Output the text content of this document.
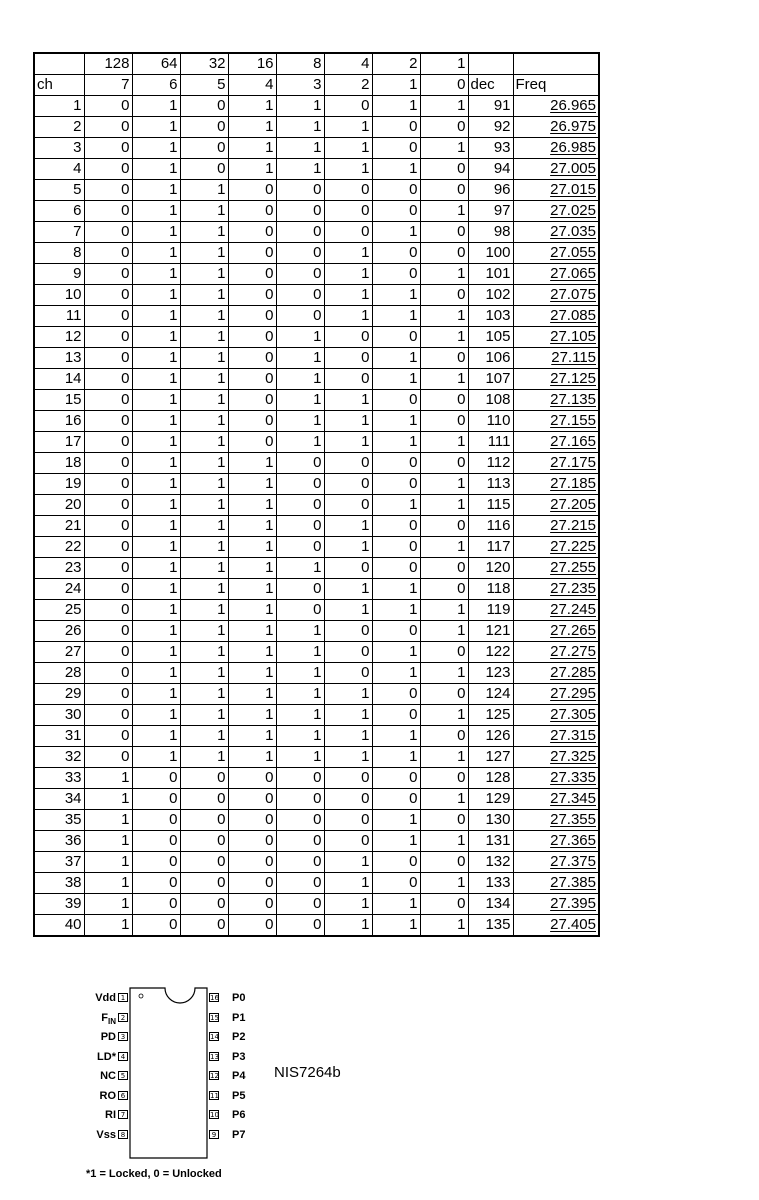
	128	64	32	16	8	4	2	1		
ch	7	6	5	4	3	2	1	0	dec	Freq
1	0	1	0	1	1	0	1	1	91	26.965
2	0	1	0	1	1	1	0	0	92	26.975
3	0	1	0	1	1	1	0	1	93	26.985
4	0	1	0	1	1	1	1	0	94	27.005
5	0	1	1	0	0	0	0	0	96	27.015
6	0	1	1	0	0	0	0	1	97	27.025
7	0	1	1	0	0	0	1	0	98	27.035
8	0	1	1	0	0	1	0	0	100	27.055
9	0	1	1	0	0	1	0	1	101	27.065
10	0	1	1	0	0	1	1	0	102	27.075
11	0	1	1	0	0	1	1	1	103	27.085
12	0	1	1	0	1	0	0	1	105	27.105
13	0	1	1	0	1	0	1	0	106	27.115
14	0	1	1	0	1	0	1	1	107	27.125
15	0	1	1	0	1	1	0	0	108	27.135
16	0	1	1	0	1	1	1	0	110	27.155
17	0	1	1	0	1	1	1	1	111	27.165
18	0	1	1	1	0	0	0	0	112	27.175
19	0	1	1	1	0	0	0	1	113	27.185
20	0	1	1	1	0	0	1	1	115	27.205
21	0	1	1	1	0	1	0	0	116	27.215
22	0	1	1	1	0	1	0	1	117	27.225
23	0	1	1	1	1	0	0	0	120	27.255
24	0	1	1	1	0	1	1	0	118	27.235
25	0	1	1	1	0	1	1	1	119	27.245
26	0	1	1	1	1	0	0	1	121	27.265
27	0	1	1	1	1	0	1	0	122	27.275
28	0	1	1	1	1	0	1	1	123	27.285
29	0	1	1	1	1	1	0	0	124	27.295
30	0	1	1	1	1	1	0	1	125	27.305
31	0	1	1	1	1	1	1	0	126	27.315
32	0	1	1	1	1	1	1	1	127	27.325
33	1	0	0	0	0	0	0	0	128	27.335
34	1	0	0	0	0	0	0	1	129	27.345
35	1	0	0	0	0	0	1	0	130	27.355
36	1	0	0	0	0	0	1	1	131	27.365
37	1	0	0	0	0	1	0	0	132	27.375
38	1	0	0	0	0	1	0	1	133	27.385
39	1	0	0	0	0	1	1	0	134	27.395
40	1	0	0	0	0	1	1	1	135	27.405
Vdd 1
$F_{IN}$ 2
PD 3
LD* 4
NC 5
RO 6
RI 7
Vss 8
16 P0
15 P1
14 P2
13 P3
12 P4
11 P5
10 P6
9 P7
NIS7264b
*1 = Locked, 0 = Unlocked
